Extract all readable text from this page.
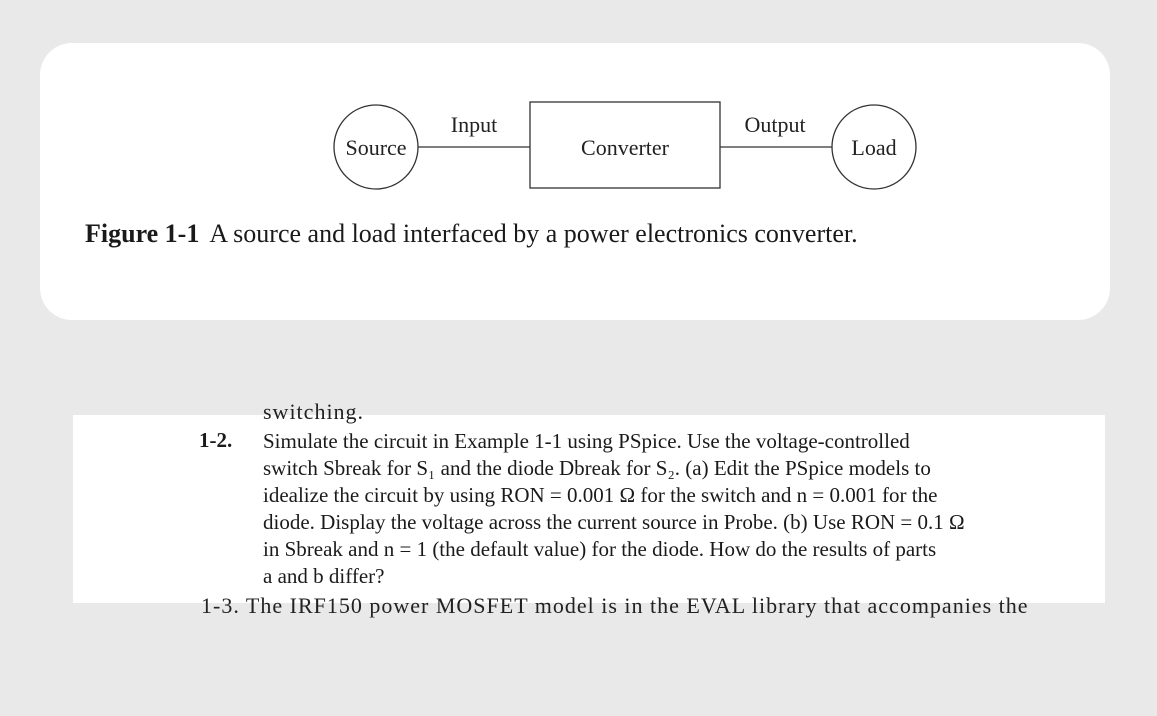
Source
Input
Converter
Output
Load
Figure 1-1 A source and load interfaced by a power electronics converter.
switching.
1-2. Simulate the circuit in Example 1-1 using PSpice. Use the voltage-controlled
switch Sbreak for S₁ and the diode Dbreak for S₂. (a) Edit the PSpice models to
idealize the circuit by using RON = 0.001 Ω for the switch and n = 0.001 for the
diode. Display the voltage across the current source in Probe. (b) Use RON = 0.1 Ω
in Sbreak and n = 1 (the default value) for the diode. How do the results of parts
a and b differ?
1-3. The IRF150 power MOSFET model is in the EVAL library that accompanies the
